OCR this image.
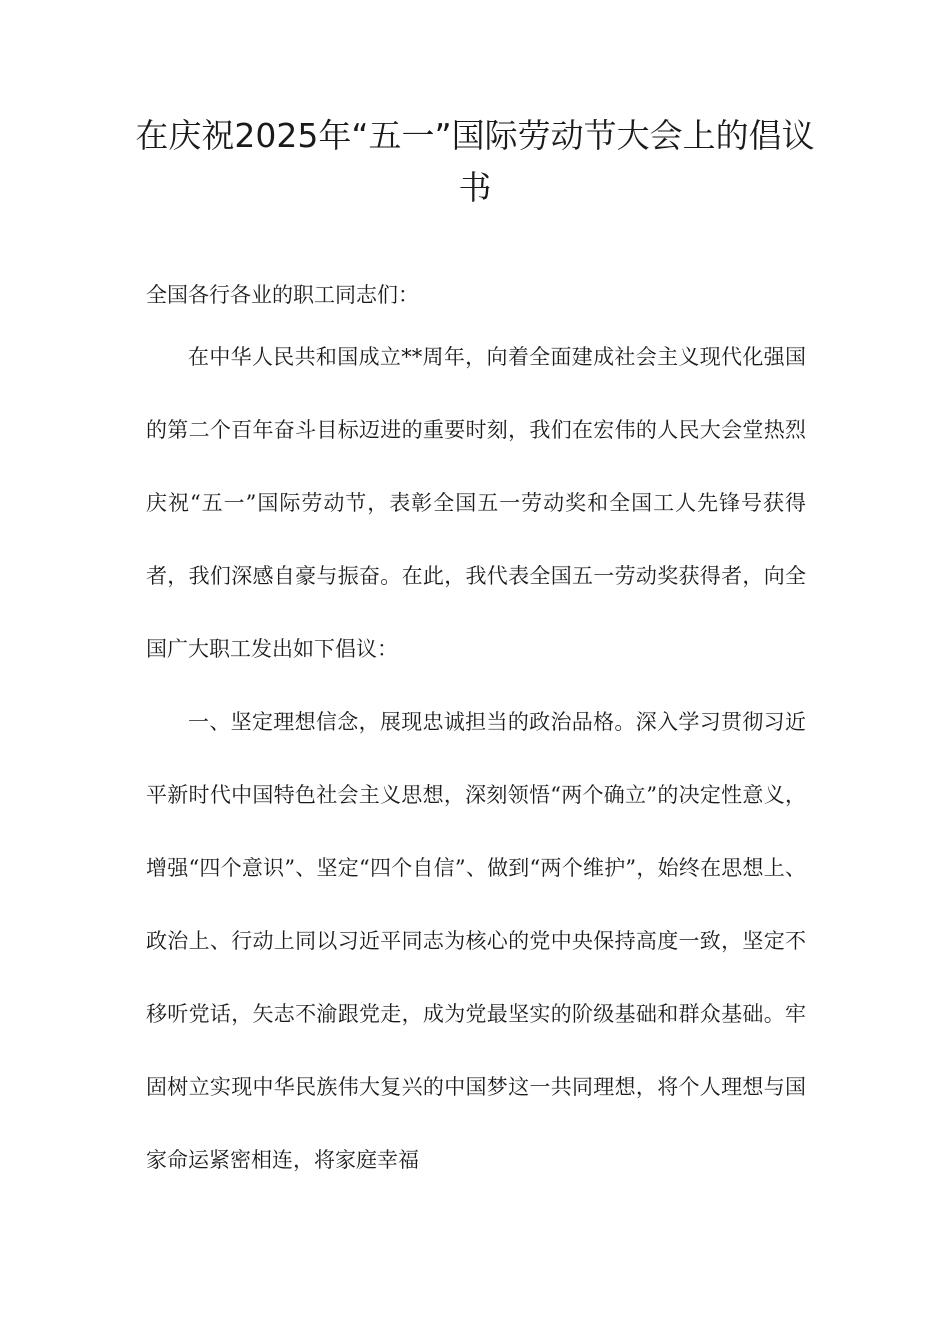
在庆祝2025年“五一”国际劳动节大会上的倡议书

全国各行各业的职工同志们：

在中华人民共和国成立**周年，向着全面建成社会主义现代化强国的第二个百年奋斗目标迈进的重要时刻，我们在宏伟的人民大会堂热烈庆祝“五一”国际劳动节，表彰全国五一劳动奖和全国工人先锋号获得者，我们深感自豪与振奋。在此，我代表全国五一劳动奖获得者，向全国广大职工发出如下倡议：

一、坚定理想信念，展现忠诚担当的政治品格。深入学习贯彻习近平新时代中国特色社会主义思想，深刻领悟“两个确立”的决定性意义，增强“四个意识”、坚定“四个自信”、做到“两个维护”，始终在思想上、政治上、行动上同以习近平同志为核心的党中央保持高度一致，坚定不移听党话，矢志不渝跟党走，成为党最坚实的阶级基础和群众基础。牢固树立实现中华民族伟大复兴的中国梦这一共同理想，将个人理想与国家命运紧密相连，将家庭幸福
